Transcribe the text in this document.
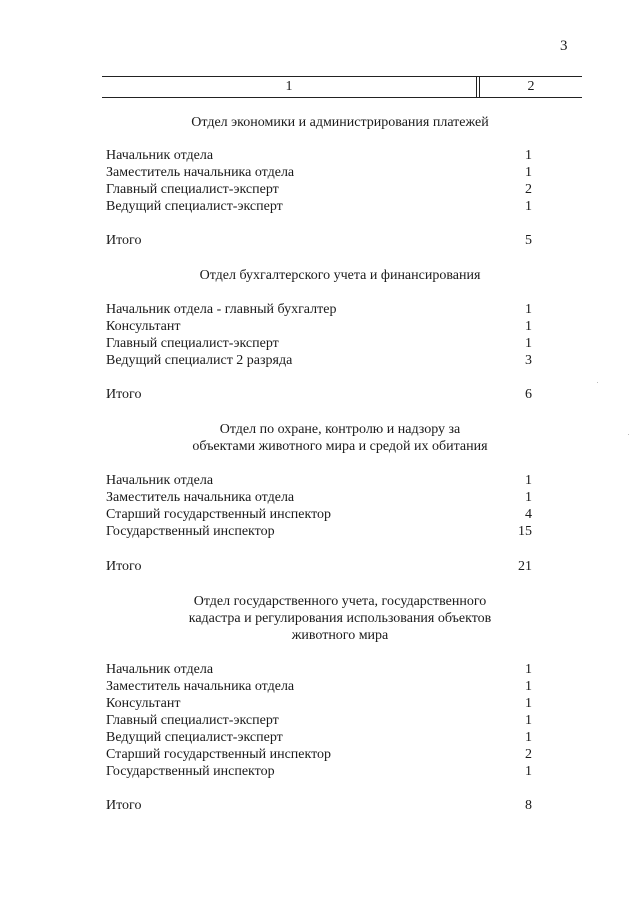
3
1	2
Отдел экономики и администрирования платежей
Начальник отдела	1
Заместитель начальника отдела	1
Главный специалист-эксперт	2
Ведущий специалист-эксперт	1
Итого	5
Отдел бухгалтерского учета и финансирования
Начальник отдела - главный бухгалтер	1
Консультант	1
Главный специалист-эксперт	1
Ведущий специалист 2 разряда	3
Итого	6
Отдел по охране, контролю и надзору за
объектами животного мира и средой их обитания
Начальник отдела	1
Заместитель начальника отдела	1
Старший государственный инспектор	4
Государственный инспектор	15
Итого	21
Отдел государственного учета, государственного
кадастра и регулирования использования объектов
животного мира
Начальник отдела	1
Заместитель начальника отдела	1
Консультант	1
Главный специалист-эксперт	1
Ведущий специалист-эксперт	1
Старший государственный инспектор	2
Государственный инспектор	1
Итого	8
